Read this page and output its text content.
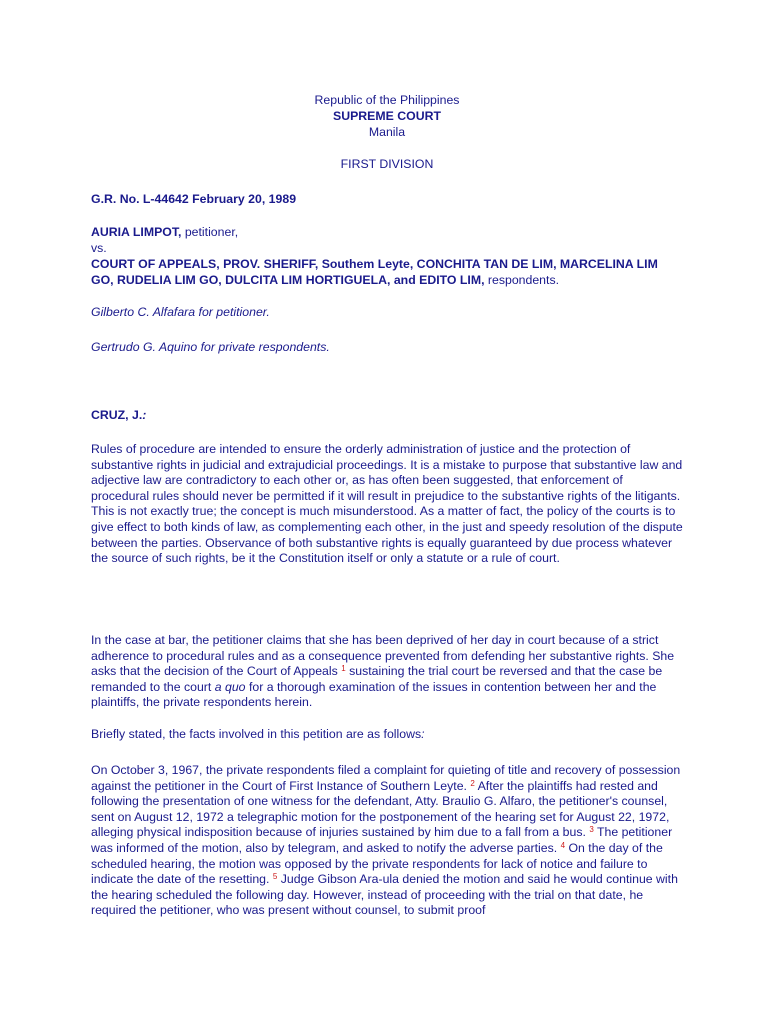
Republic of the Philippines

SUPREME COURT

Manila

FIRST DIVISION

G.R. No. L-44642 February 20, 1989

AURIA LIMPOT, petitioner,

vs.

COURT OF APPEALS, PROV. SHERIFF, Southem Leyte, CONCHITA TAN DE LIM, MARCELINA LIM GO, RUDELIA LIM GO, DULCITA LIM HORTIGUELA, and EDITO LIM, respondents.

Gilberto C. Alfafara for petitioner.

Gertrudo G. Aquino for private respondents.

CRUZ, J.:

Rules of procedure are intended to ensure the orderly administration of justice and the protection of substantive rights in judicial and extrajudicial proceedings. It is a mistake to purpose that substantive law and adjective law are contradictory to each other or, as has often been suggested, that enforcement of procedural rules should never be permitted if it will result in prejudice to the substantive rights of the litigants. This is not exactly true; the concept is much misunderstood. As a matter of fact, the policy of the courts is to give effect to both kinds of law, as complementing each other, in the just and speedy resolution of the dispute between the parties. Observance of both substantive rights is equally guaranteed by due process whatever the source of such rights, be it the Constitution itself or only a statute or a rule of court.

In the case at bar, the petitioner claims that she has been deprived of her day in court because of a strict adherence to procedural rules and as a consequence prevented from defending her substantive rights. She asks that the decision of the Court of Appeals $^1$ sustaining the trial court be reversed and that the case be remanded to the court a quo for a thorough examination of the issues in contention between her and the plaintiffs, the private respondents herein.

Briefly stated, the facts involved in this petition are as follows:

On October 3, 1967, the private respondents filed a complaint for quieting of title and recovery of possession against the petitioner in the Court of First Instance of Southern Leyte. $^2$ After the plaintiffs had rested and following the presentation of one witness for the defendant, Atty. Braulio G. Alfaro, the petitioner's counsel, sent on August 12, 1972 a telegraphic motion for the postponement of the hearing set for August 22, 1972, alleging physical indisposition because of injuries sustained by him due to a fall from a bus. $^3$ The petitioner was informed of the motion, also by telegram, and asked to notify the adverse parties. $^4$ On the day of the scheduled hearing, the motion was opposed by the private respondents for lack of notice and failure to indicate the date of the resetting. $^5$ Judge Gibson Ara-ula denied the motion and said he would continue with the hearing scheduled the following day. However, instead of proceeding with the trial on that date, he required the petitioner, who was present without counsel, to submit proof
